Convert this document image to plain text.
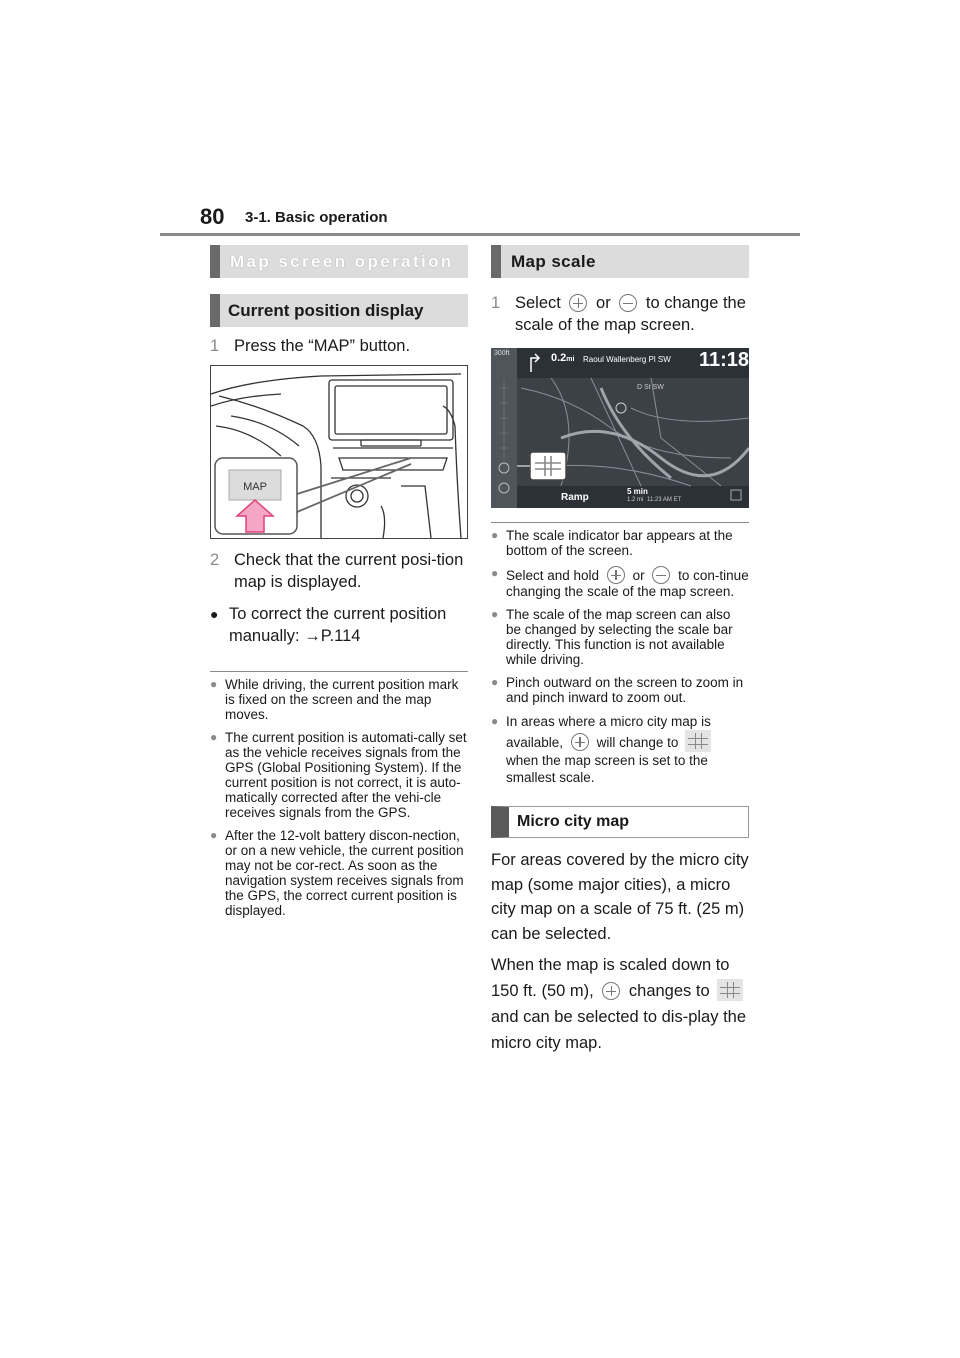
80 3-1. Basic operation
Map screen operation
Current position display
1 Press the “MAP” button.
MAP
2 Check that the current posi-tion map is displayed.
● To correct the current position manually: →P.114
● While driving, the current position mark is fixed on the screen and the map moves.
● The current position is automati-cally set as the vehicle receives signals from the GPS (Global Positioning System). If the current position is not correct, it is auto-matically corrected after the vehi-cle receives signals from the GPS.
● After the 12-volt battery discon-nection, or on a new vehicle, the current position may not be cor-rect. As soon as the navigation system receives signals from the GPS, the correct current position is displayed.
Map scale
1 Select or to change the scale of the map screen.
300ft	0.2mi Raoul Wallenberg Pl SW 11:18
D St SW
Ramp
5 min
1.2 mi 11:23 AM ET
● The scale indicator bar appears at the bottom of the screen.
● Select and hold or to con-tinue changing the scale of the map screen.
● The scale of the map screen can also be changed by selecting the scale bar directly. This function is not available while driving.
● Pinch outward on the screen to zoom in and pinch inward to zoom out.
● In areas where a micro city map is available, will change to  when the map screen is set to the smallest scale.
Micro city map
For areas covered by the micro city map (some major cities), a micro city map on a scale of 75 ft. (25 m) can be selected.
When the map is scaled down to 150 ft. (50 m), changes to  and can be selected to dis-play the micro city map.
